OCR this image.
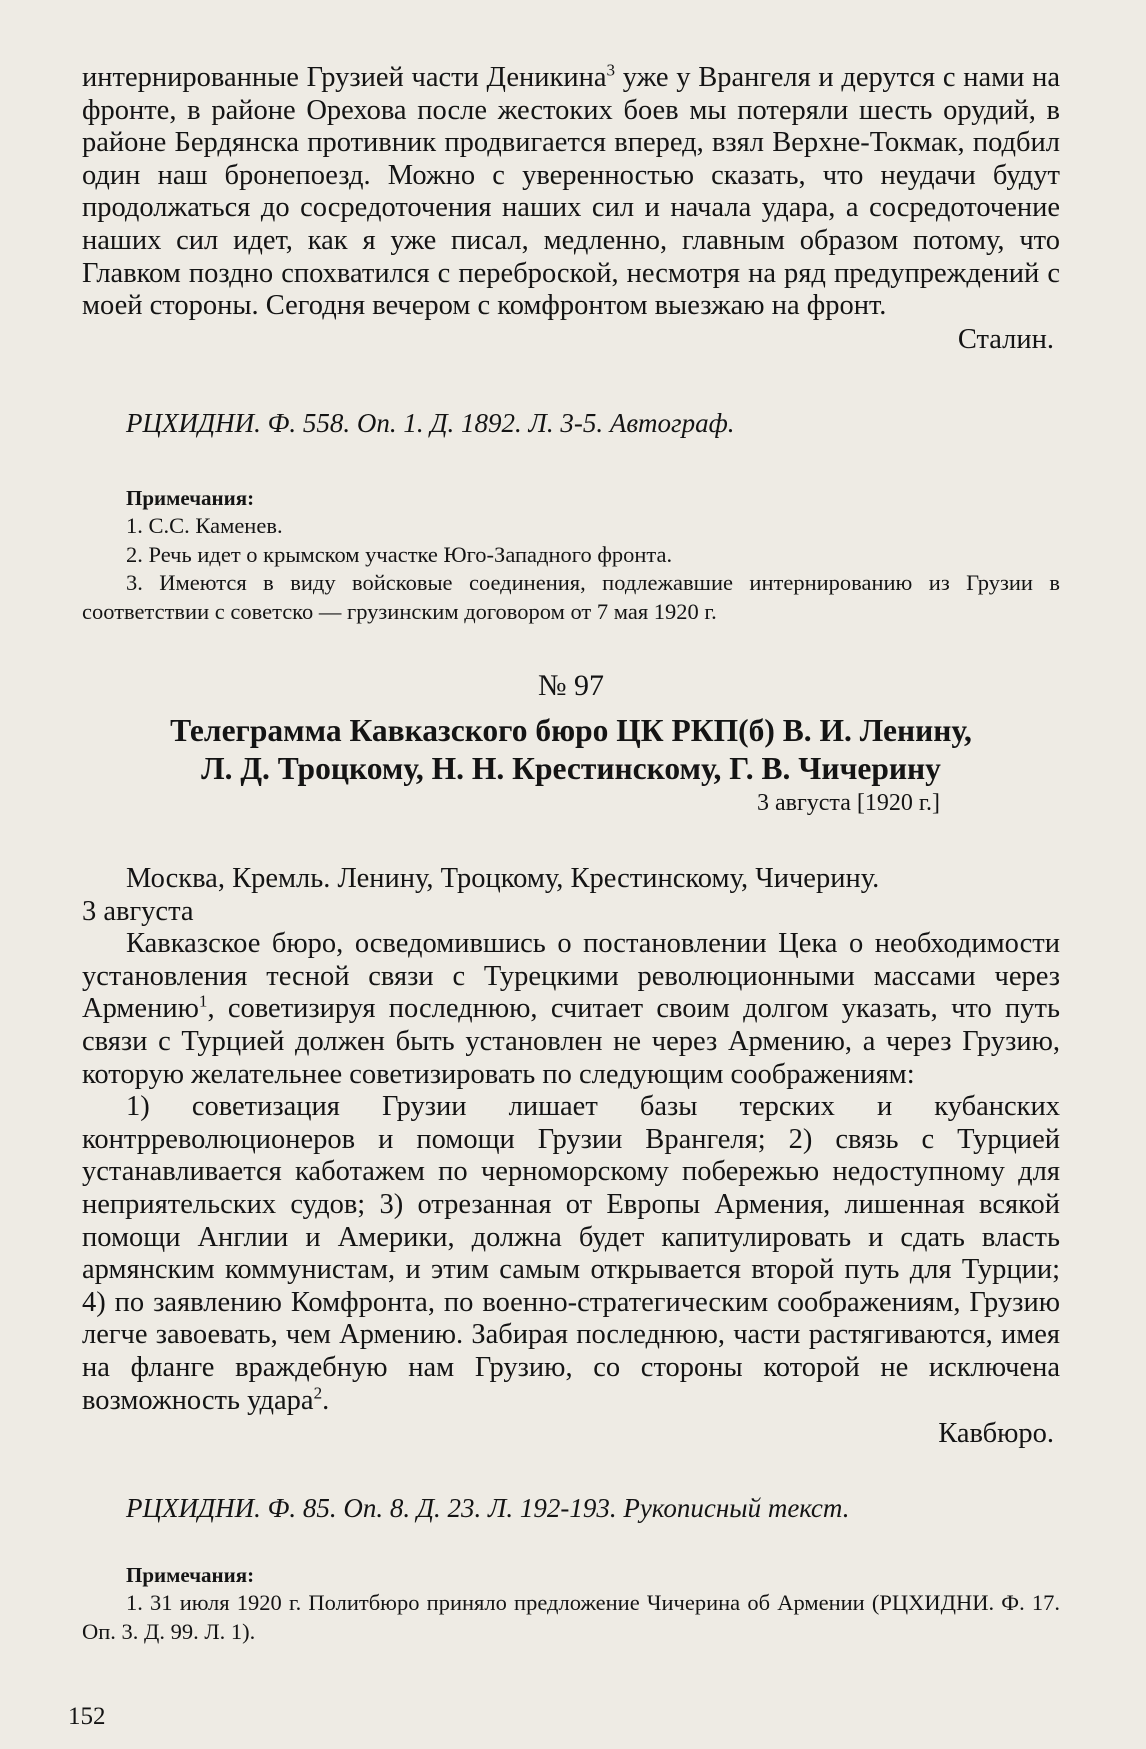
интернированные Грузией части Деникина$^3$ уже у Врангеля и дерутся с нами на фронте, в районе Орехова после жестоких боев мы потеряли шесть орудий, в районе Бердянска противник продвигается вперед, взял Верхне-Токмак, подбил один наш бронепоезд. Можно с уверенностью сказать, что неудачи будут продолжаться до сосредоточения наших сил и начала удара, а сосредоточение наших сил идет, как я уже писал, медленно, главным образом потому, что Главком поздно спохватился с переброской, несмотря на ряд предупреждений с моей стороны. Сегодня вечером с комфронтом выезжаю на фронт.

Сталин.

РЦХИДНИ. Ф. 558. Оп. 1. Д. 1892. Л. 3-5. Автограф.

Примечания:

1. С.С. Каменев.

2. Речь идет о крымском участке Юго-Западного фронта.

3. Имеются в виду войсковые соединения, подлежавшие интернированию из Грузии в соответствии с советско — грузинским договором от 7 мая 1920 г.

№ 97

Телеграмма Кавказского бюро ЦК РКП(б) В. И. Ленину,

Л. Д. Троцкому, Н. Н. Крестинскому, Г. В. Чичерину

3 августа [1920 г.]

Москва, Кремль. Ленину, Троцкому, Крестинскому, Чичерину.

3 августа

Кавказское бюро, осведомившись о постановлении Цека о необходимости установления тесной связи с Турецкими революционными массами через Армению$^1$, советизируя последнюю, считает своим долгом указать, что путь связи с Турцией должен быть установлен не через Армению, а через Грузию, которую желательнее советизировать по следующим соображениям:

1) советизация Грузии лишает базы терских и кубанских контрреволюционеров и помощи Грузии Врангеля; 2) связь с Турцией устанавливается каботажем по черноморскому побережью недоступному для неприятельских судов; 3) отрезанная от Европы Армения, лишенная всякой помощи Англии и Америки, должна будет капитулировать и сдать власть армянским коммунистам, и этим самым открывается второй путь для Турции; 4) по заявлению Комфронта, по военно-стратегическим соображениям, Грузию легче завоевать, чем Армению. Забирая последнюю, части растягиваются, имея на фланге враждебную нам Грузию, со стороны которой не исключена возможность удара$^2$.

Кавбюро.

РЦХИДНИ. Ф. 85. Оп. 8. Д. 23. Л. 192-193. Рукописный текст.

Примечания:

1. 31 июля 1920 г. Политбюро приняло предложение Чичерина об Армении (РЦХИДНИ. Ф. 17. Оп. 3. Д. 99. Л. 1).

152
